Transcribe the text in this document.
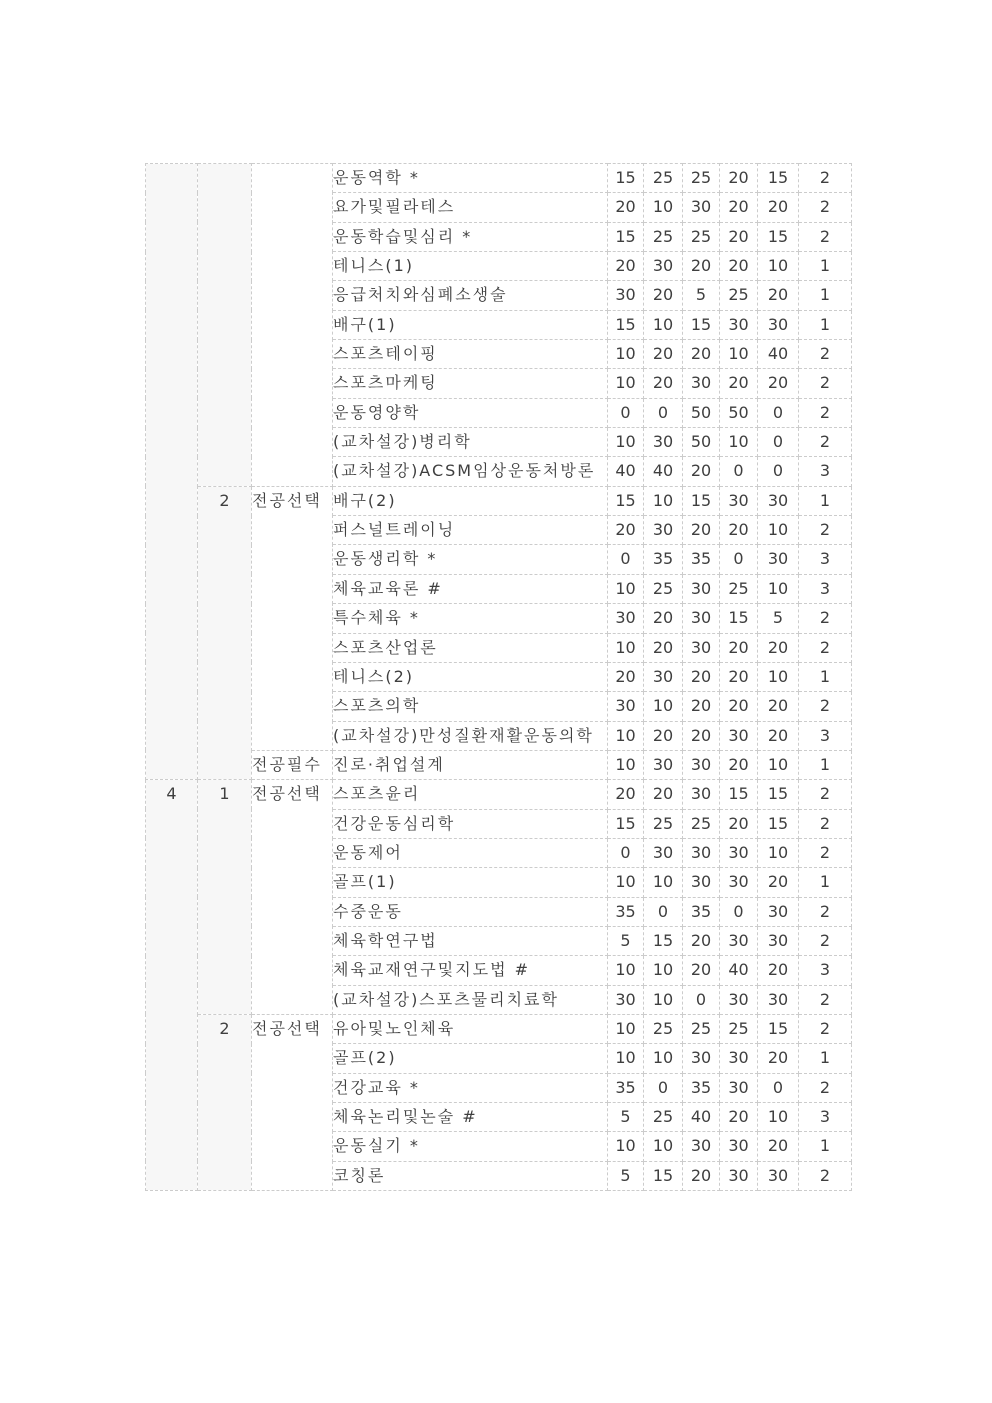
			운동역학 *	15	25	25	20	15	2
			요가및필라테스	20	10	30	20	20	2
			운동학습및심리 *	15	25	25	20	15	2
			테니스(1)	20	30	20	20	10	1
			응급처치와심폐소생술	30	20	5	25	20	1
			배구(1)	15	10	15	30	30	1
			스포츠테이핑	10	20	20	10	40	2
			스포츠마케팅	10	20	30	20	20	2
			운동영양학	0	0	50	50	0	2
			(교차설강)병리학	10	30	50	10	0	2
			(교차설강)ACSM임상운동처방론	40	40	20	0	0	3
	2	전공선택	배구(2)	15	10	15	30	30	1
			퍼스널트레이닝	20	30	20	20	10	2
			운동생리학 *	0	35	35	0	30	3
			체육교육론 #	10	25	30	25	10	3
			특수체육 *	30	20	30	15	5	2
			스포츠산업론	10	20	30	20	20	2
			테니스(2)	20	30	20	20	10	1
			스포츠의학	30	10	20	20	20	2
			(교차설강)만성질환재활운동의학	10	20	20	30	20	3
		전공필수	진로·취업설계	10	30	30	20	10	1
4	1	전공선택	스포츠윤리	20	20	30	15	15	2
			건강운동심리학	15	25	25	20	15	2
			운동제어	0	30	30	30	10	2
			골프(1)	10	10	30	30	20	1
			수중운동	35	0	35	0	30	2
			체육학연구법	5	15	20	30	30	2
			체육교재연구및지도법 #	10	10	20	40	20	3
			(교차설강)스포츠물리치료학	30	10	0	30	30	2
	2	전공선택	유아및노인체육	10	25	25	25	15	2
			골프(2)	10	10	30	30	20	1
			건강교육 *	35	0	35	30	0	2
			체육논리및논술 #	5	25	40	20	10	3
			운동실기 *	10	10	30	30	20	1
			코칭론	5	15	20	30	30	2
